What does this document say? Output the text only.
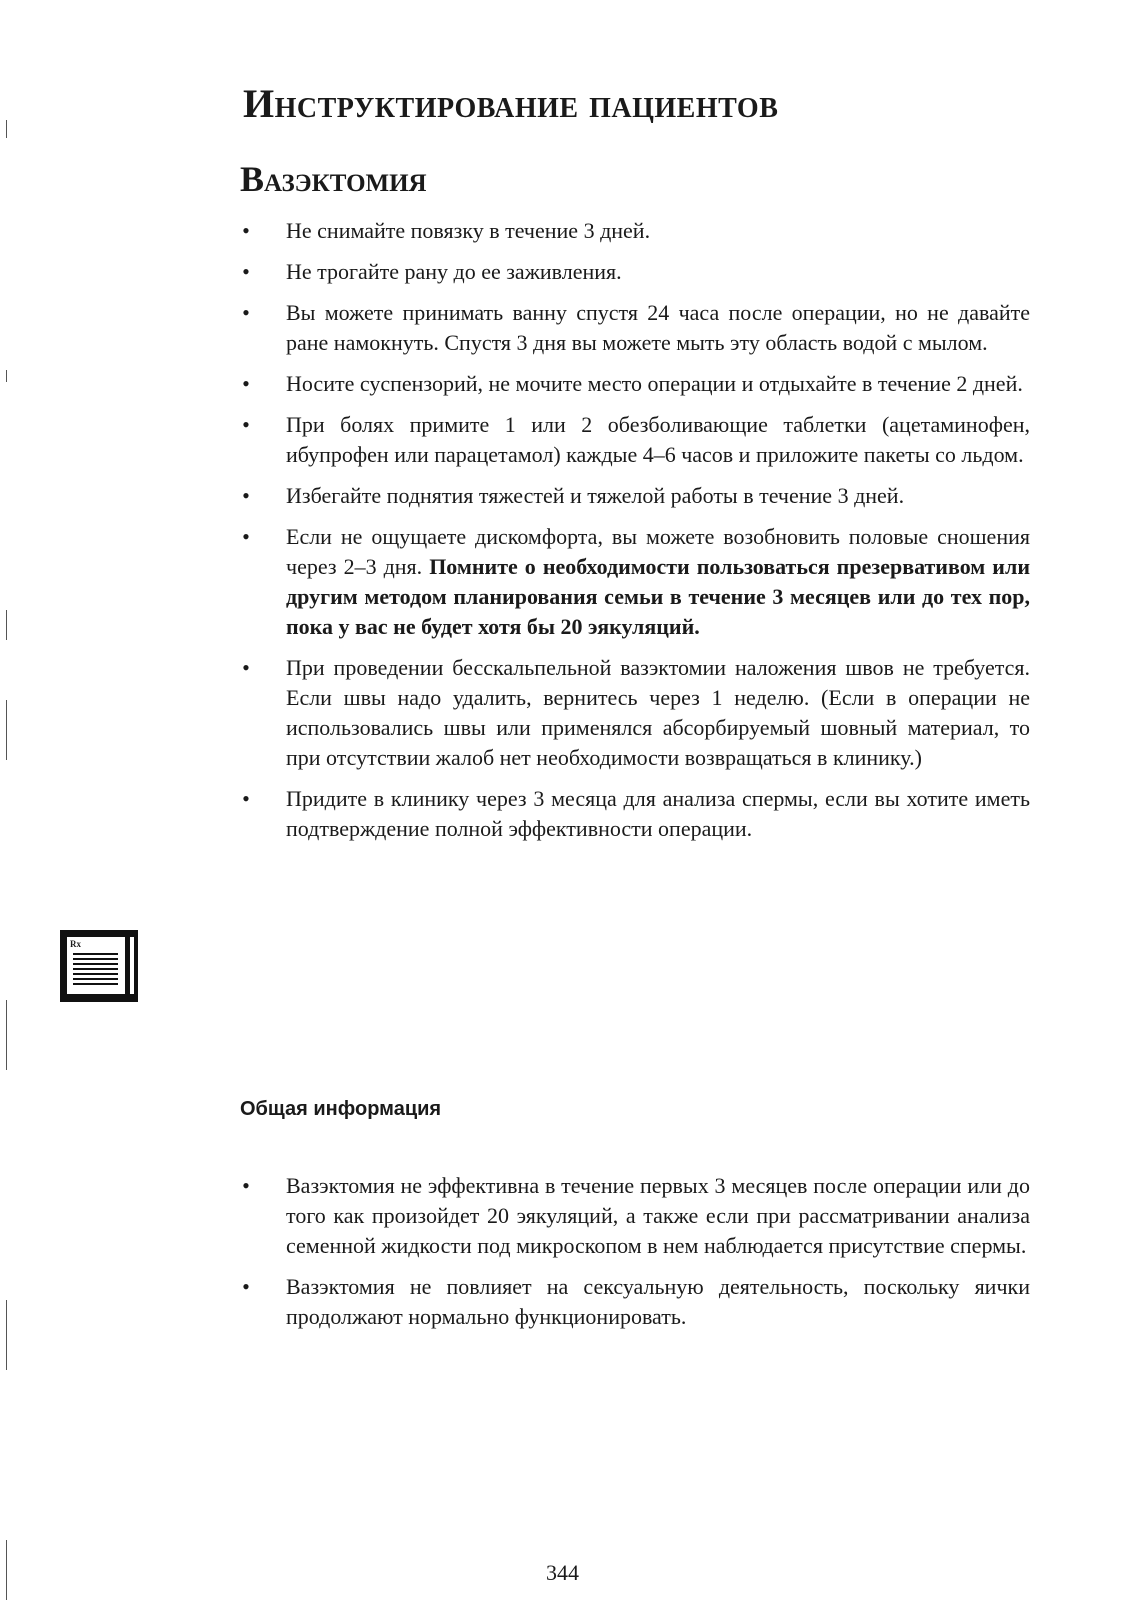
Инструктирование пациентов
Вазэктомия
• Не снимайте повязку в течение 3 дней.
• Не трогайте рану до ее заживления.
• Вы можете принимать ванну спустя 24 часа после операции, но не давайте ране намокнуть. Спустя 3 дня вы можете мыть эту область водой с мылом.
• Носите суспензорий, не мочите место операции и отдыхайте в течение 2 дней.
• При болях примите 1 или 2 обезболивающие таблетки (ацетаминофен, ибупрофен или парацетамол) каждые 4–6 часов и приложите пакеты со льдом.
• Избегайте поднятия тяжестей и тяжелой работы в течение 3 дней.
• Если не ощущаете дискомфорта, вы можете возобновить половые сношения через 2–3 дня. Помните о необходимости пользоваться презервативом или другим методом планирования семьи в течение 3 месяцев или до тех пор, пока у вас не будет хотя бы 20 эякуляций.
• При проведении бесскальпельной вазэктомии наложения швов не требуется. Если швы надо удалить, вернитесь через 1 неделю. (Если в операции не использовались швы или применялся абсорбируемый шовный материал, то при отсутствии жалоб нет необходимости возвращаться в клинику.)
• Придите в клинику через 3 месяца для анализа спермы, если вы хотите иметь подтверждение полной эффективности операции.
Rx
Общая информация
• Вазэктомия не эффективна в течение первых 3 месяцев после операции или до того как произойдет 20 эякуляций, а также если при рассматривании анализа семенной жидкости под микроскопом в нем наблюдается присутствие спермы.
• Вазэктомия не повлияет на сексуальную деятельность, поскольку яички продолжают нормально функционировать.
344
